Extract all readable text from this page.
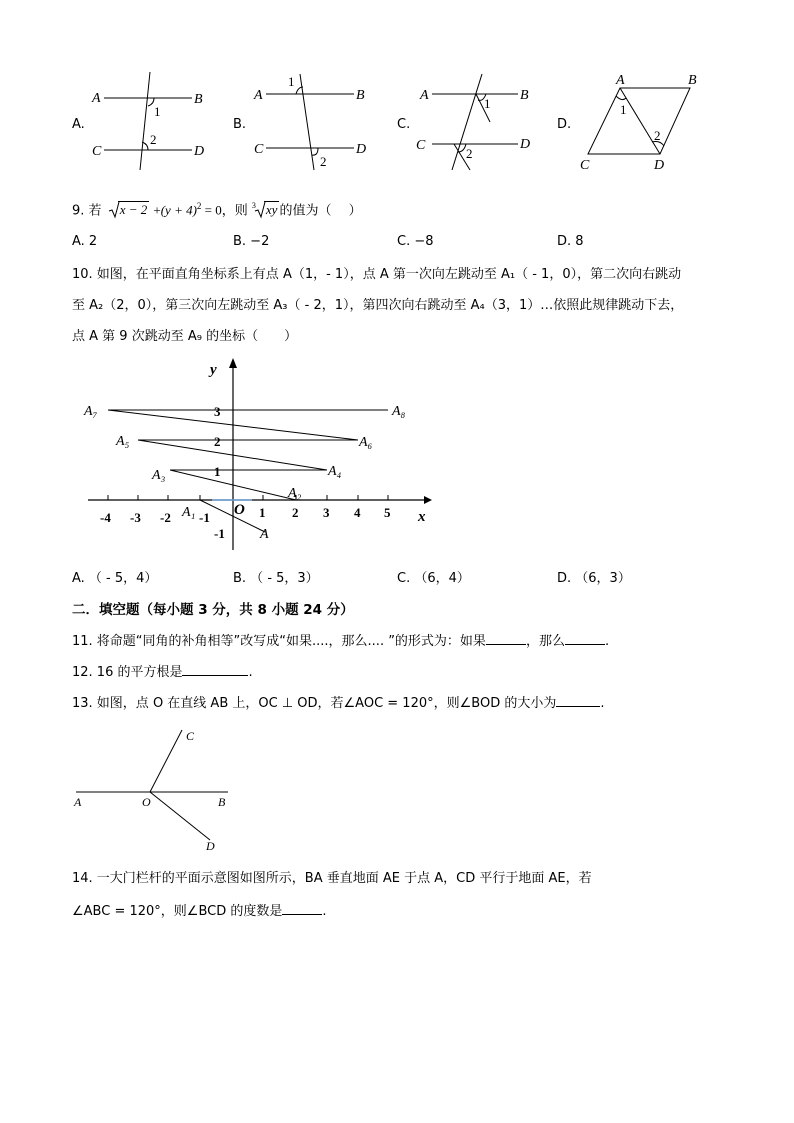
A.
A	B
C	D
1
2
B.
A	B
C	D
1
2
C.
A	B
C	D
1
2
D.
A	B
C	D
1
2
9. 若 $x - 2 +(y + 4)^2 = 0$，则 3 xy 的值为（　 ）
A. 2	B. −2	C. −8	D. 8
10. 如图，在平面直角坐标系上有点 A（1，- 1），点 A 第一次向左跳动至 A₁（ - 1，0），第二次向右跳动
至 A₂（2，0），第三次向左跳动至 A₃（ - 2，1），第四次向右跳动至 A₄（3，1）…依照此规律跳动下去，
点 A 第 9 次跳动至 A₉ 的坐标（　　）
y
x
O
-4 -3 -2 -1	1 2 3 4 5
3
2
1
-1	A
A₁
A₂
A₃	A₄
A₅	A₆
A₇	A₈
A. （ - 5，4）	B. （ - 5，3）	C. （6，4）	D. （6，3）
二．填空题（每小题 3 分，共 8 小题 24 分）
11. 将命题“同角的补角相等”改写成“如果....，那么.... ”的形式为：如果	，那么	.
12. 16 的平方根是	.
13. 如图，点 O 在直线 AB 上，OC ⊥ OD，若∠AOC = 120°，则∠BOD 的大小为	.
A	O	B
C
D
14. 一大门栏杆的平面示意图如图所示，BA 垂直地面 AE 于点 A，CD 平行于地面 AE，若
∠ABC = 120°，则∠BCD 的度数是	.
